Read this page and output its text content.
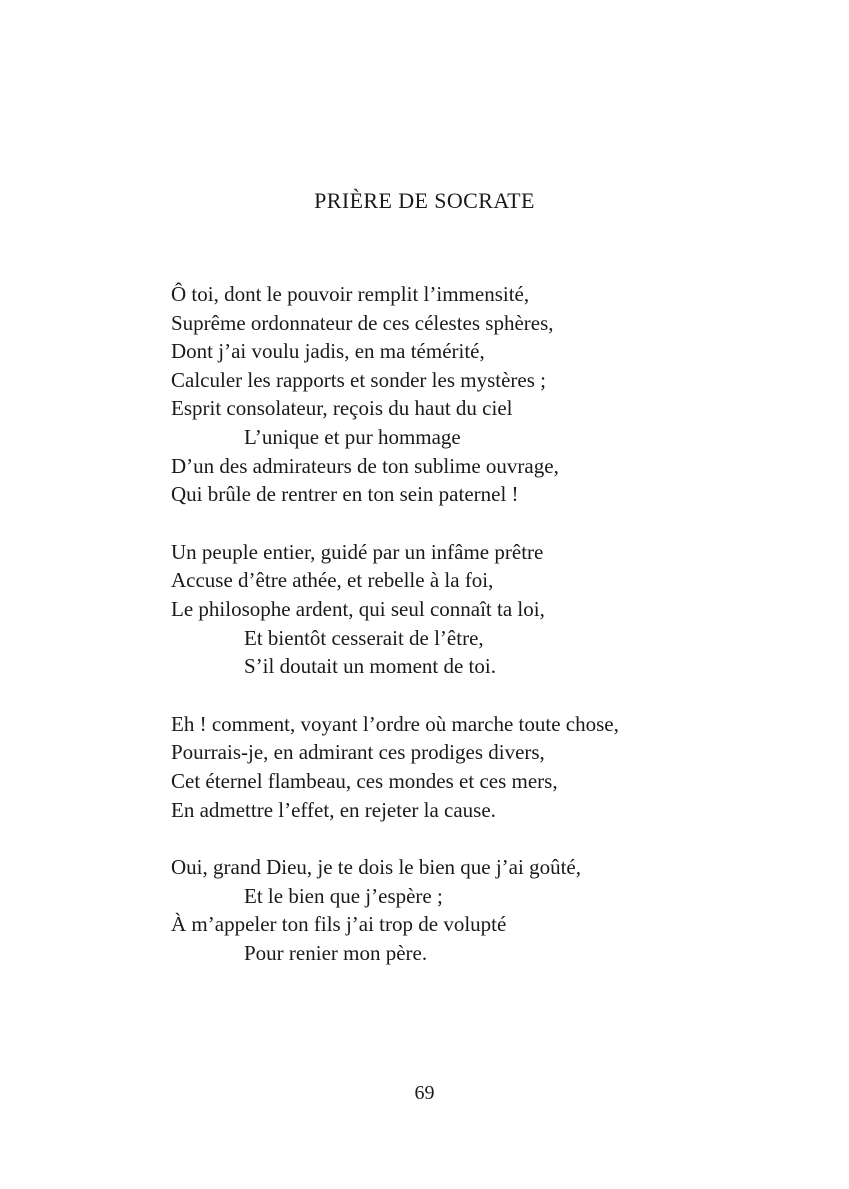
PRIÈRE DE SOCRATE
Ô toi, dont le pouvoir remplit l’immensité,
Suprême ordonnateur de ces célestes sphères,
Dont j’ai voulu jadis, en ma témérité,
Calculer les rapports et sonder les mystères ;
Esprit consolateur, reçois du haut du ciel
L’unique et pur hommage
D’un des admirateurs de ton sublime ouvrage,
Qui brûle de rentrer en ton sein paternel !
Un peuple entier, guidé par un infâme prêtre
Accuse d’être athée, et rebelle à la foi,
Le philosophe ardent, qui seul connaît ta loi,
Et bientôt cesserait de l’être,
S’il doutait un moment de toi.
Eh ! comment, voyant l’ordre où marche toute chose,
Pourrais-je, en admirant ces prodiges divers,
Cet éternel flambeau, ces mondes et ces mers,
En admettre l’effet, en rejeter la cause.
Oui, grand Dieu, je te dois le bien que j’ai goûté,
Et le bien que j’espère ;
À m’appeler ton fils j’ai trop de volupté
Pour renier mon père.
69
